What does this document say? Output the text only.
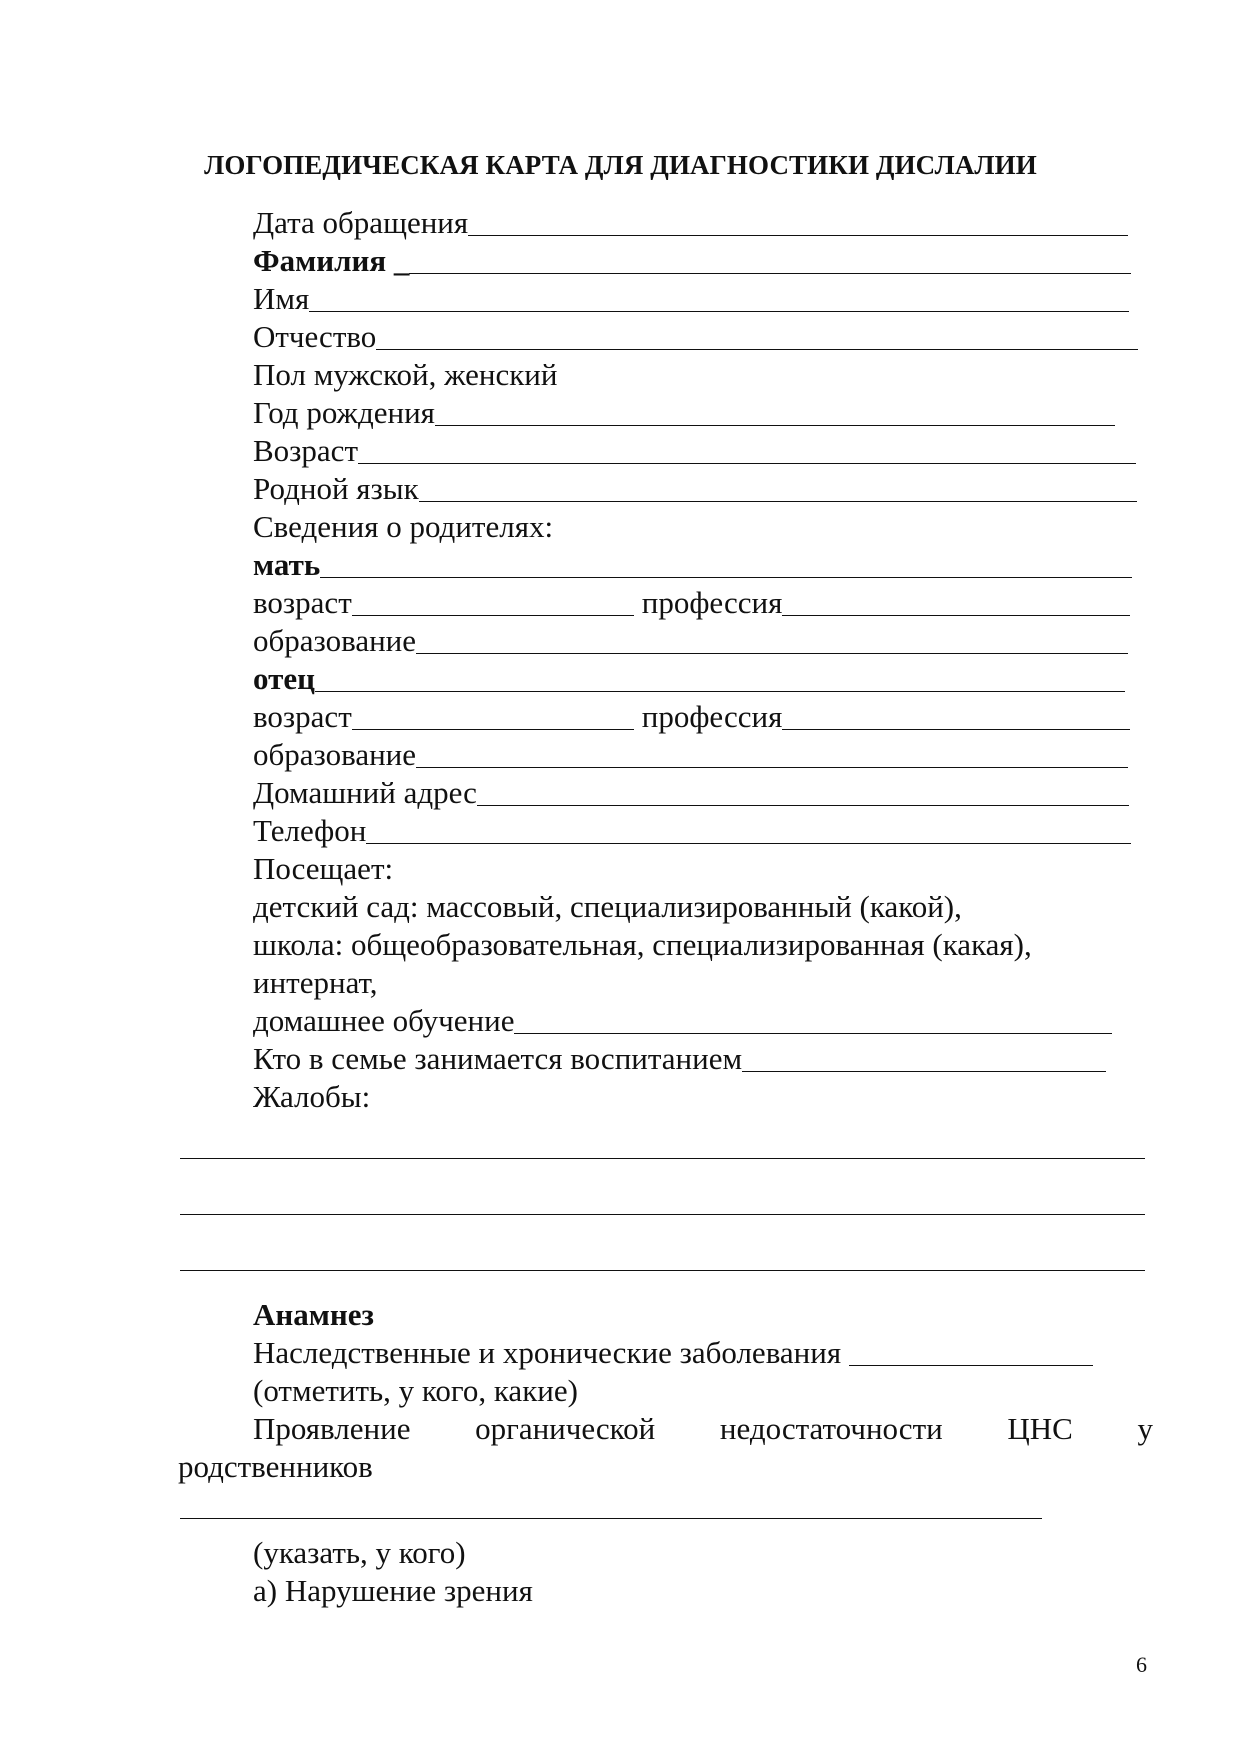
ЛОГОПЕДИЧЕСКАЯ КАРТА ДЛЯ ДИАГНОСТИКИ ДИСЛАЛИИ
Дата обращения
Фамилия _
Имя
Отчество
Пол мужской, женский
Год рождения
Возраст
Родной язык
Сведения о родителях:
мать
возраст	профессия
образование
отец
возраст	профессия
образование
Домашний адрес
Телефон
Посещает:
детский сад: массовый, специализированный (какой),
школа: общеобразовательная, специализированная (какая),
интернат,
домашнее обучение
Кто в семье занимается воспитанием
Жалобы:
Анамнез
Наследственные и хронические заболевания
(отметить, у кого, какие)
Проявление органической недостаточности ЦНС у
родственников
(указать, у кого)
а) Нарушение зрения
6
